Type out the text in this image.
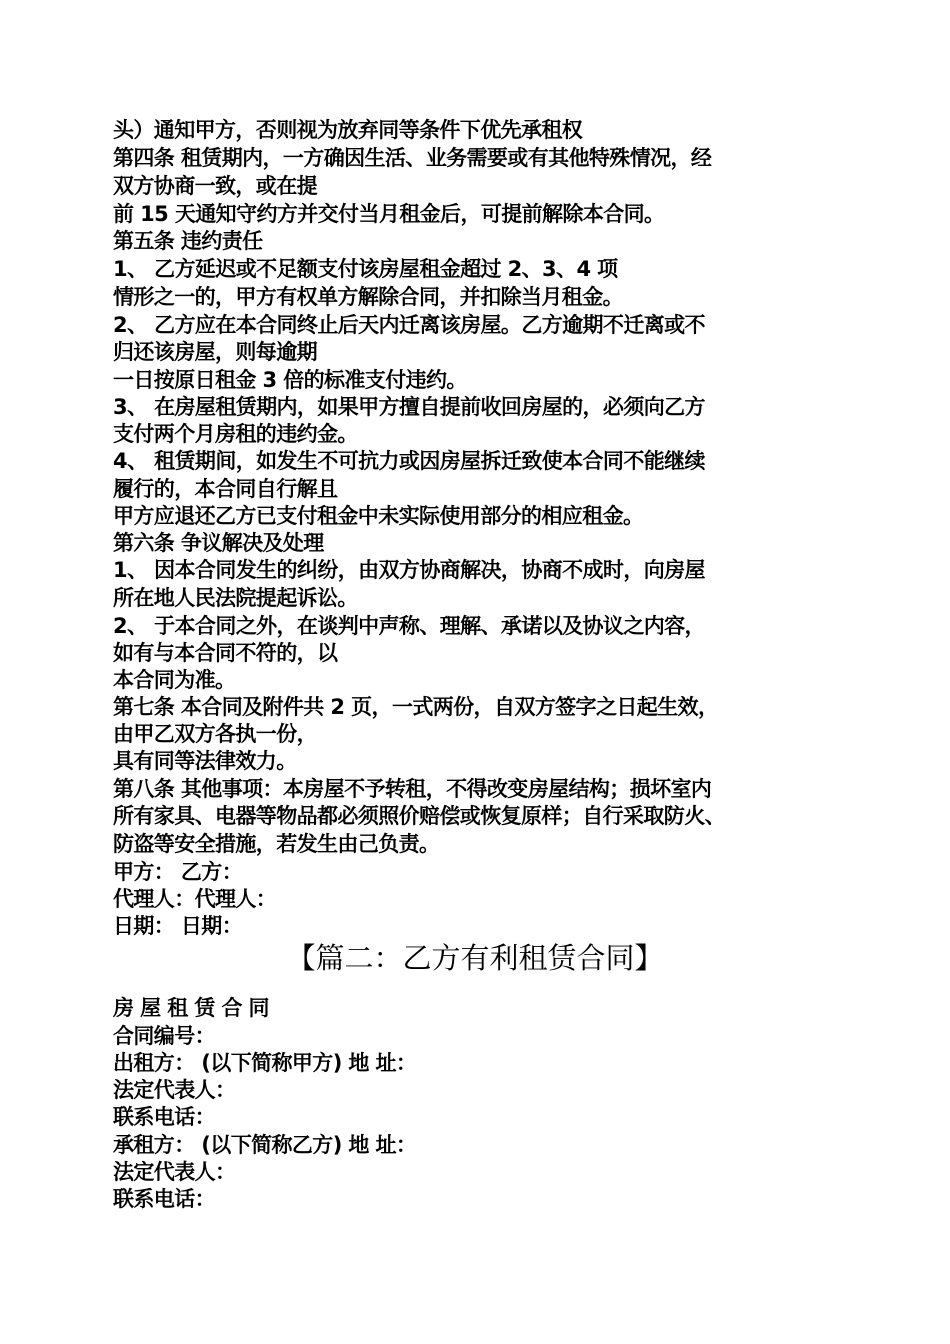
头）通知甲方，否则视为放弃同等条件下优先承租权
第四条 租赁期内，一方确因生活、业务需要或有其他特殊情况，经
双方协商一致，或在提
前 15 天通知守约方并交付当月租金后，可提前解除本合同。
第五条 违约责任
1、 乙方延迟或不足额支付该房屋租金超过 2、3、4 项
情形之一的，甲方有权单方解除合同，并扣除当月租金。
2、 乙方应在本合同终止后天内迁离该房屋。乙方逾期不迁离或不
归还该房屋，则每逾期
一日按原日租金 3 倍的标准支付违约。
3、 在房屋租赁期内，如果甲方擅自提前收回房屋的，必须向乙方
支付两个月房租的违约金。
4、 租赁期间，如发生不可抗力或因房屋拆迁致使本合同不能继续
履行的，本合同自行解且
甲方应退还乙方已支付租金中未实际使用部分的相应租金。
第六条 争议解决及处理
1、 因本合同发生的纠纷，由双方协商解决，协商不成时，向房屋
所在地人民法院提起诉讼。
2、 于本合同之外，在谈判中声称、理解、承诺以及协议之内容，
如有与本合同不符的，以
本合同为准。
第七条 本合同及附件共 2 页，一式两份，自双方签字之日起生效，
由甲乙双方各执一份，
具有同等法律效力。
第八条 其他事项：本房屋不予转租，不得改变房屋结构；损坏室内
所有家具、电器等物品都必须照价赔偿或恢复原样；自行采取防火、
防盗等安全措施，若发生由己负责。
甲方： 乙方：
代理人：代理人：
日期： 日期：
【篇二：乙方有利租赁合同】
房 屋 租 赁 合 同
合同编号：
出租方： (以下简称甲方) 地 址：
法定代表人：
联系电话：
承租方： (以下简称乙方) 地 址：
法定代表人：
联系电话：
